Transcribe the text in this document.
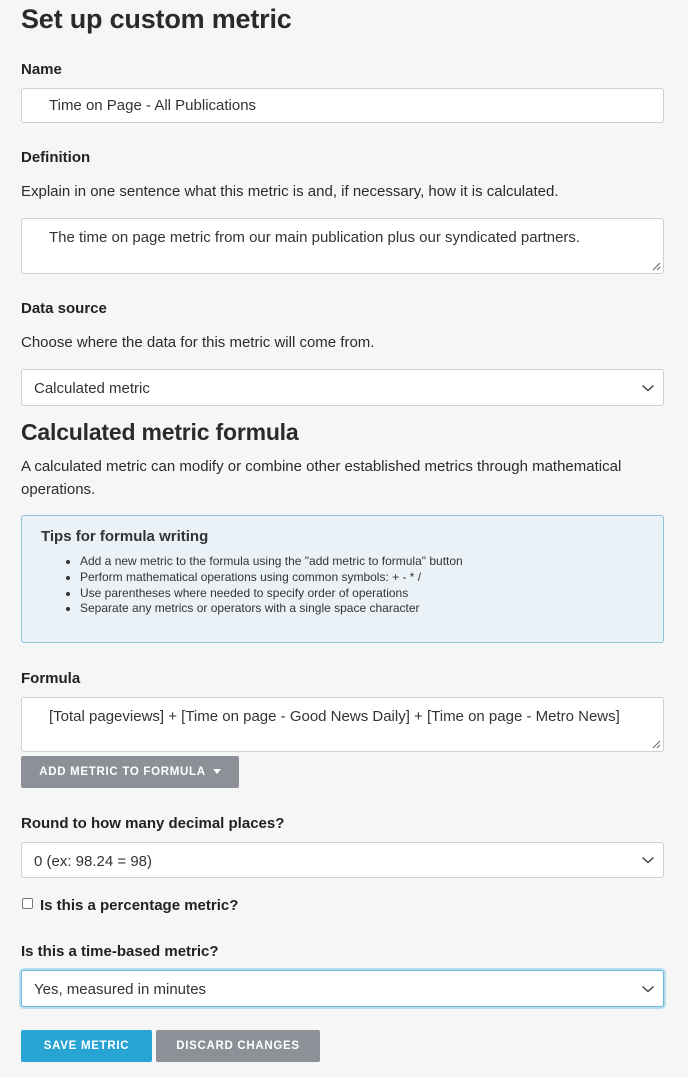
Set up custom metric
Name
Time on Page - All Publications
Definition
Explain in one sentence what this metric is and, if necessary, how it is calculated.
The time on page metric from our main publication plus our syndicated partners.
Data source
Choose where the data for this metric will come from.
Calculated metric
Calculated metric formula

A calculated metric can modify or combine other established metrics through mathematical operations.

Tips for formula writing
• Add a new metric to the formula using the "add metric to formula" button
• Perform mathematical operations using common symbols: + - * /
• Use parentheses where needed to specify order of operations
• Separate any metrics or operators with a single space character
Formula
[Total pageviews] + [Time on page - Good News Daily] + [Time on page - Metro News]
ADD METRIC TO FORMULA
Round to how many decimal places?
0 (ex: 98.24 = 98)
Is this a percentage metric?
Is this a time-based metric?
Yes, measured in minutes
SAVE METRIC	DISCARD CHANGES
